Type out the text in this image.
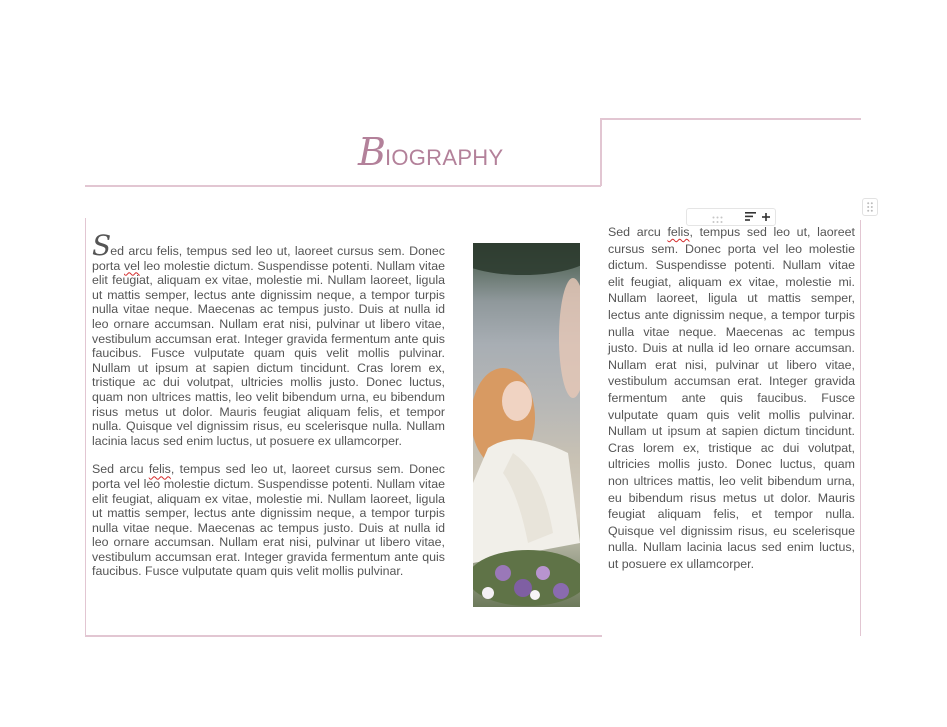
B IOGRAPHY

Sed arcu felis, tempus sed leo ut, laoreet cursus sem. Donec porta vel leo molestie dictum. Suspendisse potenti. Nullam vitae elit feugiat, aliquam ex vitae, molestie mi. Nullam laoreet, ligula ut mattis semper, lectus ante dignissim neque, a tempor turpis nulla vitae neque. Maecenas ac tempus justo. Duis at nulla id leo ornare accumsan. Nullam erat nisi, pulvinar ut libero vitae, vestibulum accumsan erat. Integer gravida fermentum ante quis faucibus. Fusce vulputate quam quis velit mollis pulvinar. Nullam ut ipsum at sapien dictum tincidunt. Cras lorem ex, tristique ac dui volutpat, ultricies mollis justo. Donec luctus, quam non ultrices mattis, leo velit bibendum urna, eu bibendum risus metus ut dolor. Mauris feugiat aliquam felis, et tempor nulla. Quisque vel dignissim risus, eu scelerisque nulla. Nullam lacinia lacus sed enim luctus, ut posuere ex ullamcorper.

Sed arcu felis, tempus sed leo ut, laoreet cursus sem. Donec porta vel leo molestie dictum. Suspendisse potenti. Nullam vitae elit feugiat, aliquam ex vitae, molestie mi. Nullam laoreet, ligula ut mattis semper, lectus ante dignissim neque, a tempor turpis nulla vitae neque. Maecenas ac tempus justo. Duis at nulla id leo ornare accumsan. Nullam erat nisi, pulvinar ut libero vitae, vestibulum accumsan erat. Integer gravida fermentum ante quis faucibus. Fusce vulputate quam quis velit mollis pulvinar.

Sed arcu felis, tempus sed leo ut, laoreet cursus sem. Donec porta vel leo molestie dictum. Suspendisse potenti. Nullam vitae elit feugiat, aliquam ex vitae, molestie mi. Nullam laoreet, ligula ut mattis semper, lectus ante dignissim neque, a tempor turpis nulla vitae neque. Maecenas ac tempus justo. Duis at nulla id leo ornare accumsan. Nullam erat nisi, pulvinar ut libero vitae, vestibulum accumsan erat. Integer gravida fermentum ante quis faucibus. Fusce vulputate quam quis velit mollis pulvinar. Nullam ut ipsum at sapien dictum tincidunt. Cras lorem ex, tristique ac dui volutpat, ultricies mollis justo. Donec luctus, quam non ultrices mattis, leo velit bibendum urna, eu bibendum risus metus ut dolor. Mauris feugiat aliquam felis, et tempor nulla. Quisque vel dignissim risus, eu scelerisque nulla. Nullam lacinia lacus sed enim luctus, ut posuere ex ullamcorper.
